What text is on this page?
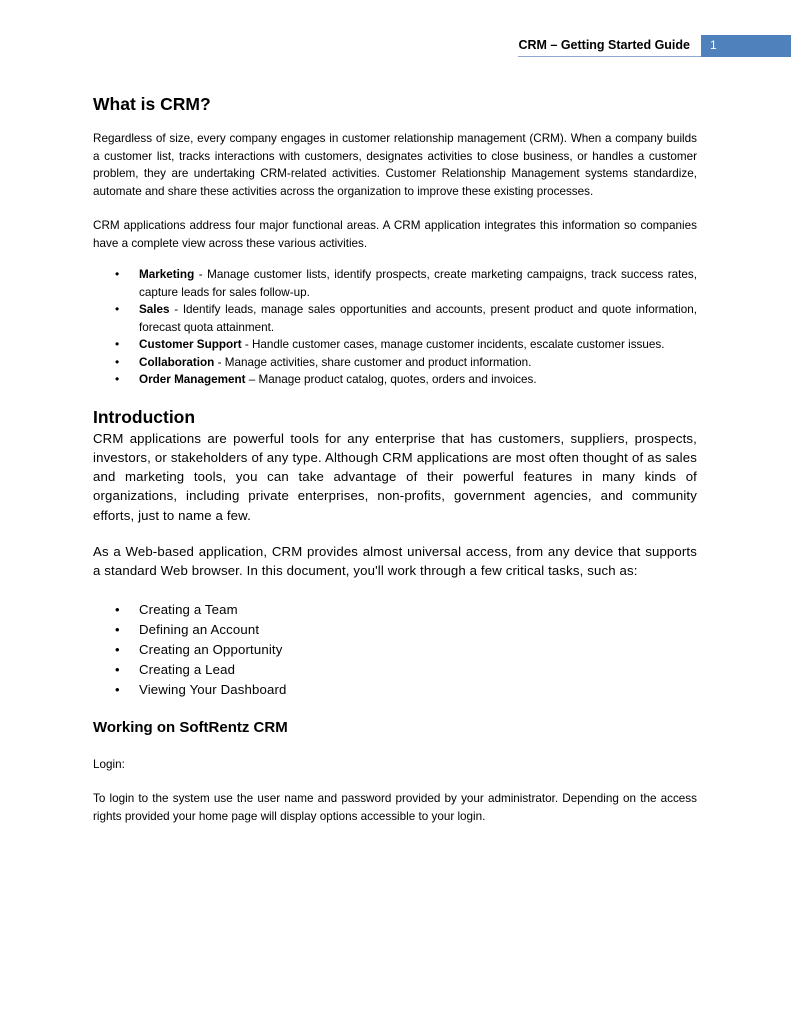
CRM – Getting Started Guide	1
What is CRM?

Regardless of size, every company engages in customer relationship management (CRM). When a company builds a customer list, tracks interactions with customers, designates activities to close business, or handles a customer problem, they are undertaking CRM-related activities. Customer Relationship Management systems standardize, automate and share these activities across the organization to improve these existing processes.

CRM applications address four major functional areas. A CRM application integrates this information so companies have a complete view across these various activities.

• Marketing - Manage customer lists, identify prospects, create marketing campaigns, track success rates, capture leads for sales follow-up.
• Sales - Identify leads, manage sales opportunities and accounts, present product and quote information, forecast quota attainment.
• Customer Support - Handle customer cases, manage customer incidents, escalate customer issues.
• Collaboration - Manage activities, share customer and product information.
• Order Management – Manage product catalog, quotes, orders and invoices.
Introduction

CRM applications are powerful tools for any enterprise that has customers, suppliers, prospects, investors, or stakeholders of any type. Although CRM applications are most often thought of as sales and marketing tools, you can take advantage of their powerful features in many kinds of organizations, including private enterprises, non-profits, government agencies, and community efforts, just to name a few.

As a Web-based application, CRM provides almost universal access, from any device that supports a standard Web browser. In this document, you'll work through a few critical tasks, such as:

• Creating a Team
• Defining an Account
• Creating an Opportunity
• Creating a Lead
• Viewing Your Dashboard
Working on SoftRentz CRM

Login:

To login to the system use the user name and password provided by your administrator. Depending on the access rights provided your home page will display options accessible to your login.
